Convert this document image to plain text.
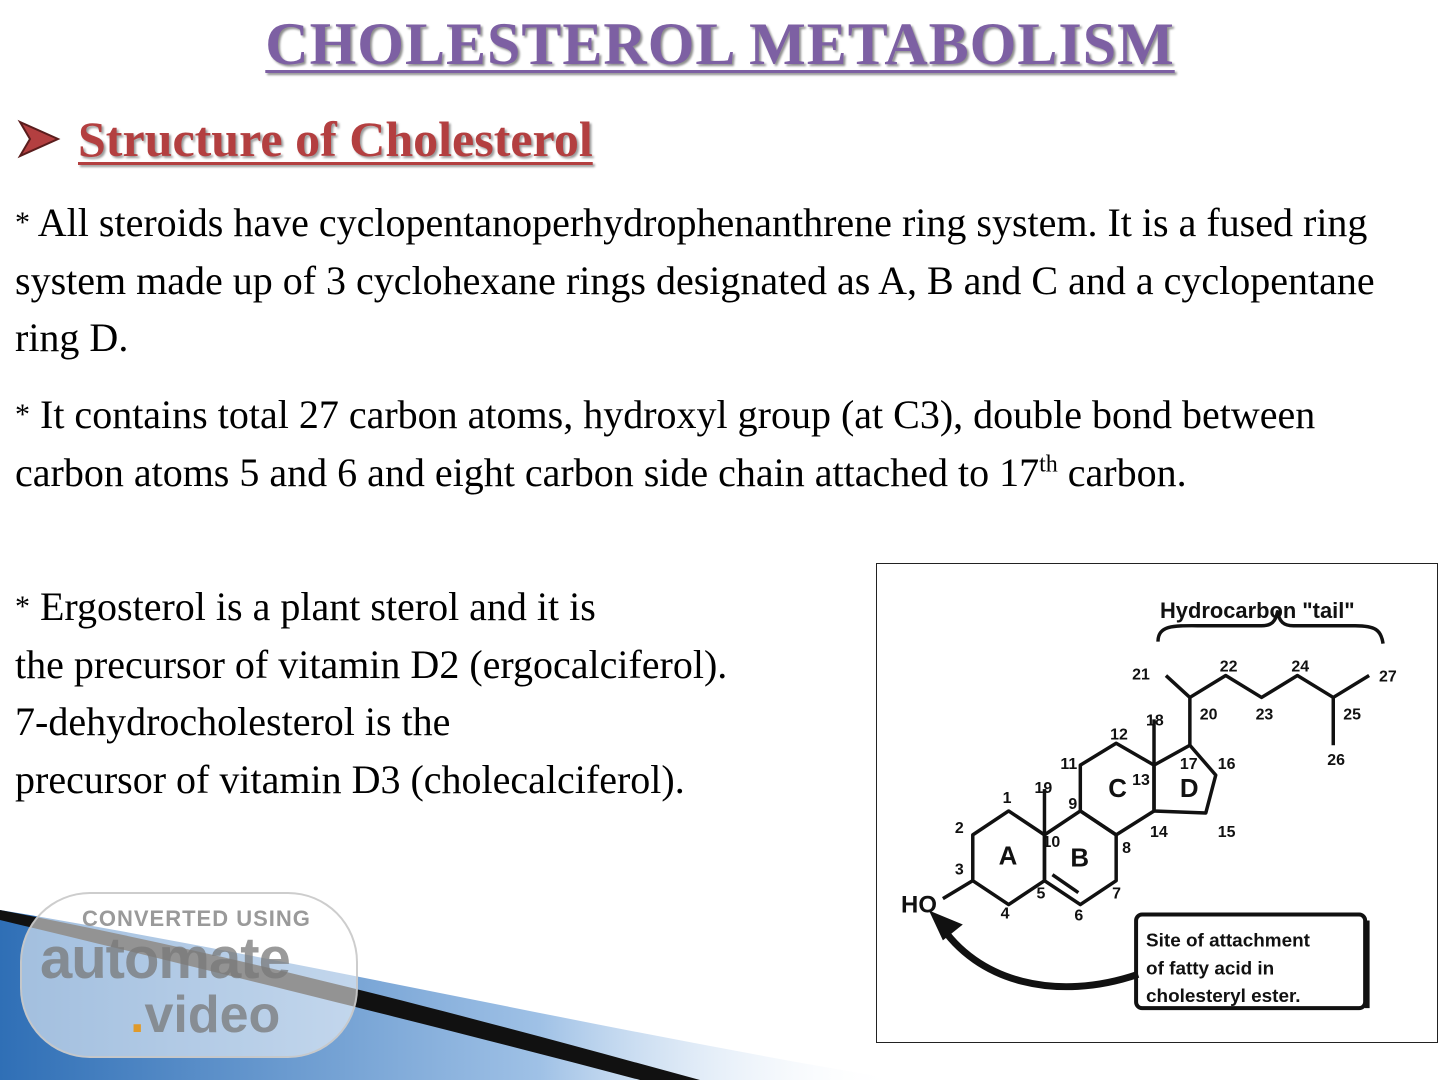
CONVERTED USING
automate
.video
CHOLESTEROL METABOLISM
Structure of Cholesterol

* All steroids have cyclopentanoperhydrophenanthrene ring system. It is a fused ring system made up of 3 cyclohexane rings designated as A, B and C and a cyclopentane ring D.

* It contains total 27 carbon atoms, hydroxyl group (at C3), double bond between carbon atoms 5 and 6 and eight carbon side chain attached to 17th carbon.

* Ergosterol is a plant sterol and it is
the precursor of vitamin D2 (ergocalciferol).
7-dehydrocholesterol is the
precursor of vitamin D3 (cholecalciferol).

Hydrocarbon "tail"
HO
A B
C D
1
2
3
4
5
6
7
8
9
10
11
12
13
14	15
16
17
18
19
20
21	22
23
24
25
26
27
Site of attachment
of fatty acid in
cholesteryl ester.
